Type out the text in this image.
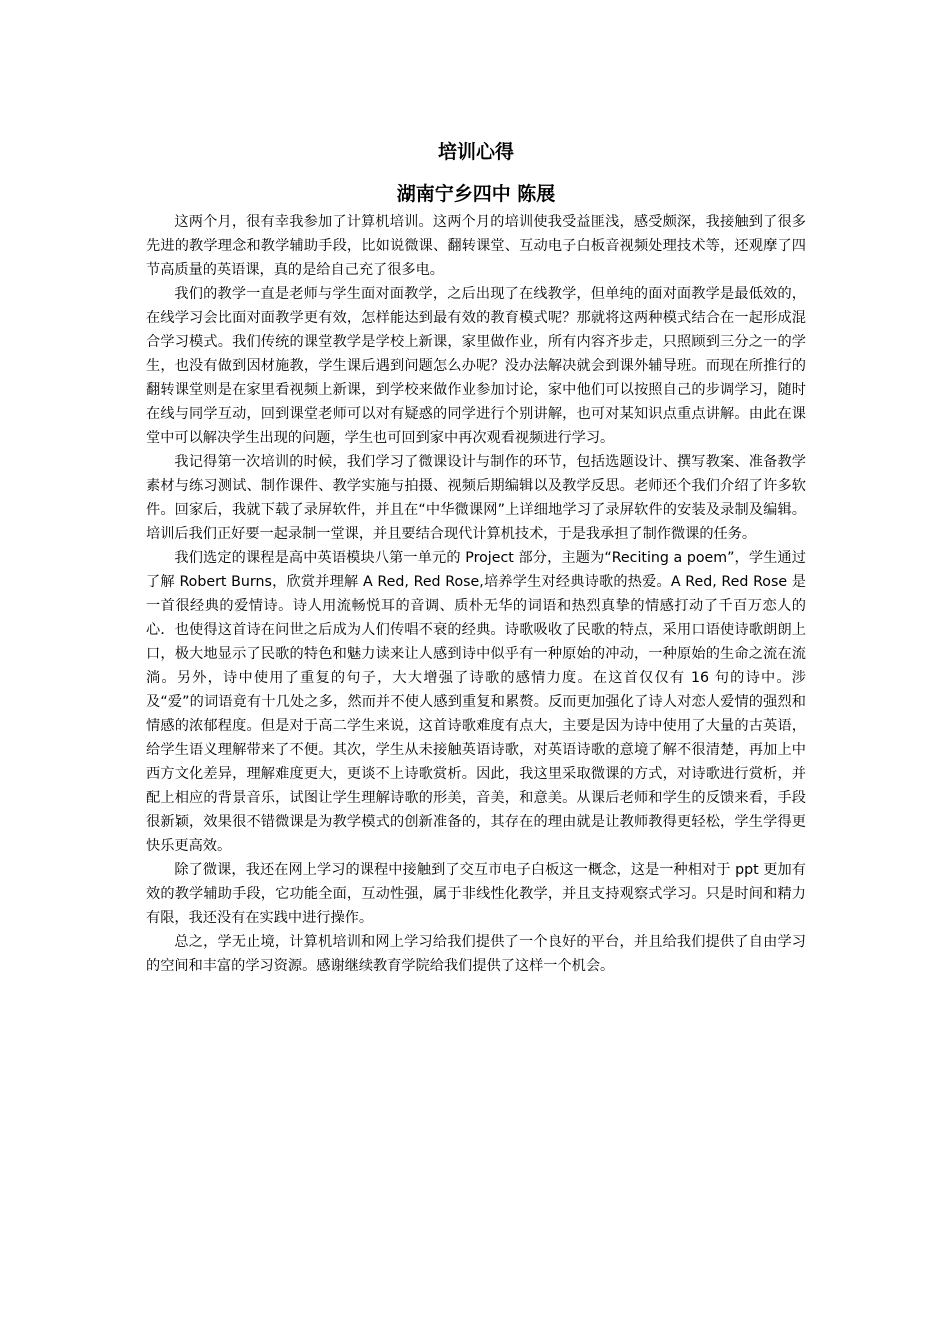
培训心得
湖南宁乡四中 陈展

这两个月，很有幸我参加了计算机培训。这两个月的培训使我受益匪浅，感受颇深，我接触到了很多先进的教学理念和教学辅助手段，比如说微课、翻转课堂、互动电子白板音视频处理技术等，还观摩了四节高质量的英语课，真的是给自己充了很多电。

我们的教学一直是老师与学生面对面教学，之后出现了在线教学，但单纯的面对面教学是最低效的，在线学习会比面对面教学更有效，怎样能达到最有效的教育模式呢？那就将这两种模式结合在一起形成混合学习模式。我们传统的课堂教学是学校上新课，家里做作业，所有内容齐步走，只照顾到三分之一的学生，也没有做到因材施教，学生课后遇到问题怎么办呢？没办法解决就会到课外辅导班。而现在所推行的翻转课堂则是在家里看视频上新课，到学校来做作业参加讨论，家中他们可以按照自己的步调学习，随时在线与同学互动，回到课堂老师可以对有疑惑的同学进行个别讲解，也可对某知识点重点讲解。由此在课堂中可以解决学生出现的问题，学生也可回到家中再次观看视频进行学习。

我记得第一次培训的时候，我们学习了微课设计与制作的环节，包括选题设计、撰写教案、准备教学素材与练习测试、制作课件、教学实施与拍摄、视频后期编辑以及教学反思。老师还个我们介绍了许多软件。回家后，我就下载了录屏软件，并且在“中华微课网”上详细地学习了录屏软件的安装及录制及编辑。培训后我们正好要一起录制一堂课，并且要结合现代计算机技术，于是我承担了制作微课的任务。

我们选定的课程是高中英语模块八第一单元的 Project 部分，主题为“Reciting a poem”，学生通过了解 Robert Burns，欣赏并理解 A Red, Red Rose,培养学生对经典诗歌的热爱。A Red, Red Rose 是一首很经典的爱情诗。诗人用流畅悦耳的音调、质朴无华的词语和热烈真挚的情感打动了千百万恋人的心．也使得这首诗在问世之后成为人们传唱不衰的经典。诗歌吸收了民歌的特点，采用口语使诗歌朗朗上口，极大地显示了民歌的特色和魅力读来让人感到诗中似乎有一种原始的冲动，一种原始的生命之流在流淌。另外，诗中使用了重复的句子，大大增强了诗歌的感情力度。在这首仅仅有 16 句的诗中。涉及“爱”的词语竟有十几处之多，然而并不使人感到重复和累赘。反而更加强化了诗人对恋人爱情的强烈和情感的浓郁程度。但是对于高二学生来说，这首诗歌难度有点大，主要是因为诗中使用了大量的古英语，给学生语义理解带来了不便。其次，学生从未接触英语诗歌，对英语诗歌的意境了解不很清楚，再加上中西方文化差异，理解难度更大，更谈不上诗歌赏析。因此，我这里采取微课的方式，对诗歌进行赏析，并配上相应的背景音乐，试图让学生理解诗歌的形美，音美，和意美。从课后老师和学生的反馈来看，手段很新颖，效果很不错微课是为教学模式的创新准备的，其存在的理由就是让教师教得更轻松，学生学得更快乐更高效。

除了微课，我还在网上学习的课程中接触到了交互市电子白板这一概念，这是一种相对于 ppt 更加有效的教学辅助手段，它功能全面，互动性强，属于非线性化教学，并且支持观察式学习。只是时间和精力有限，我还没有在实践中进行操作。

总之，学无止境，计算机培训和网上学习给我们提供了一个良好的平台，并且给我们提供了自由学习的空间和丰富的学习资源。感谢继续教育学院给我们提供了这样一个机会。
